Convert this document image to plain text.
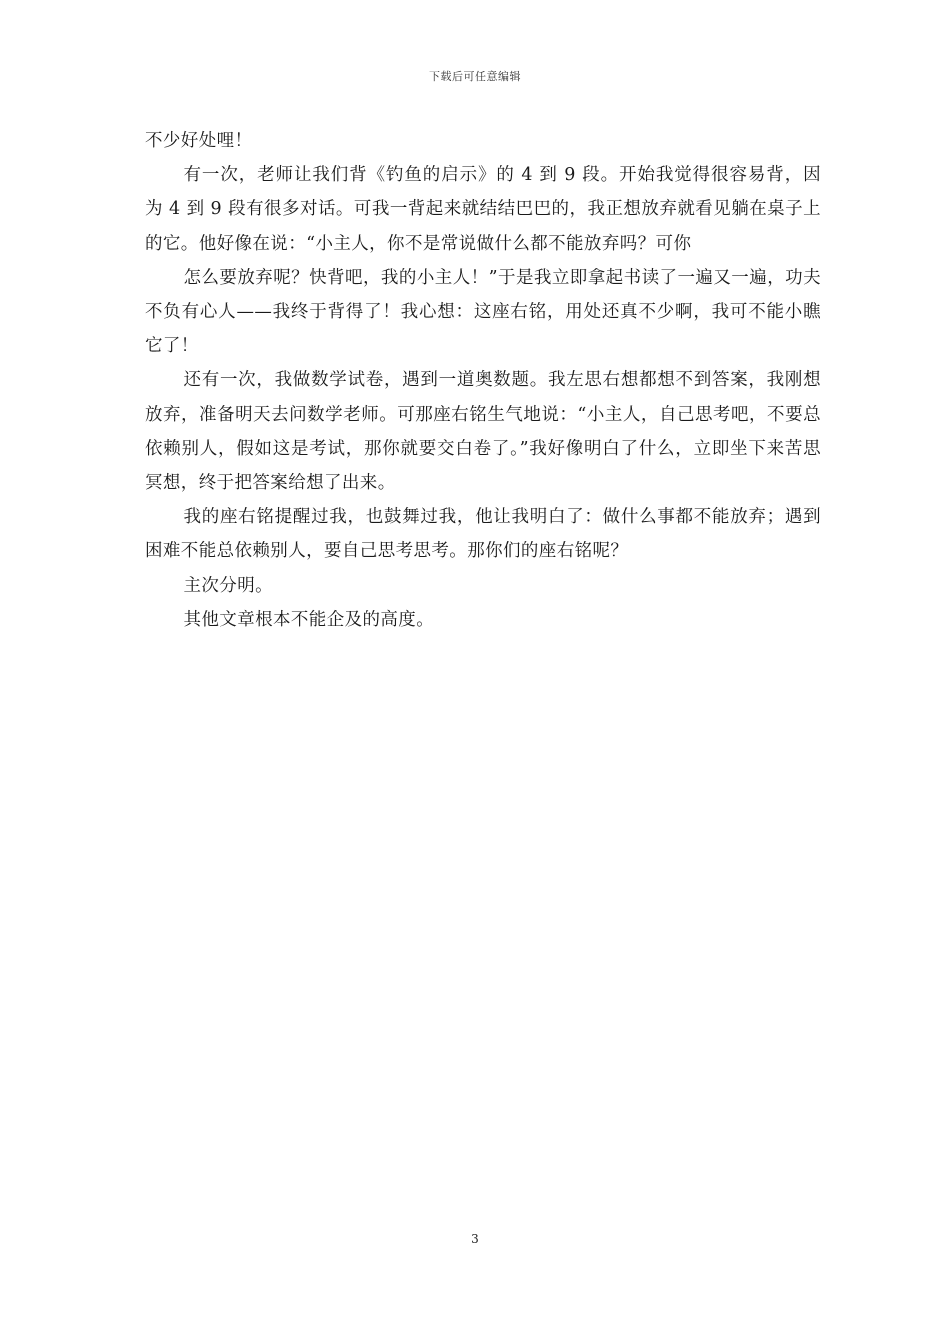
下载后可任意编辑

不少好处哩！

有一次，老师让我们背《钓鱼的启示》的 4 到 9 段。开始我觉得很容易背，因为 4 到 9 段有很多对话。可我一背起来就结结巴巴的，我正想放弃就看见躺在桌子上的它。他好像在说：“小主人，你不是常说做什么都不能放弃吗？可你

怎么要放弃呢？快背吧，我的小主人！”于是我立即拿起书读了一遍又一遍，功夫不负有心人——我终于背得了！我心想：这座右铭，用处还真不少啊，我可不能小瞧它了！

还有一次，我做数学试卷，遇到一道奥数题。我左思右想都想不到答案，我刚想放弃，准备明天去问数学老师。可那座右铭生气地说：“小主人，自己思考吧，不要总依赖别人，假如这是考试，那你就要交白卷了。”我好像明白了什么，立即坐下来苦思冥想，终于把答案给想了出来。

我的座右铭提醒过我，也鼓舞过我，他让我明白了：做什么事都不能放弃；遇到困难不能总依赖别人，要自己思考思考。那你们的座右铭呢？

主次分明。

其他文章根本不能企及的高度。

3
